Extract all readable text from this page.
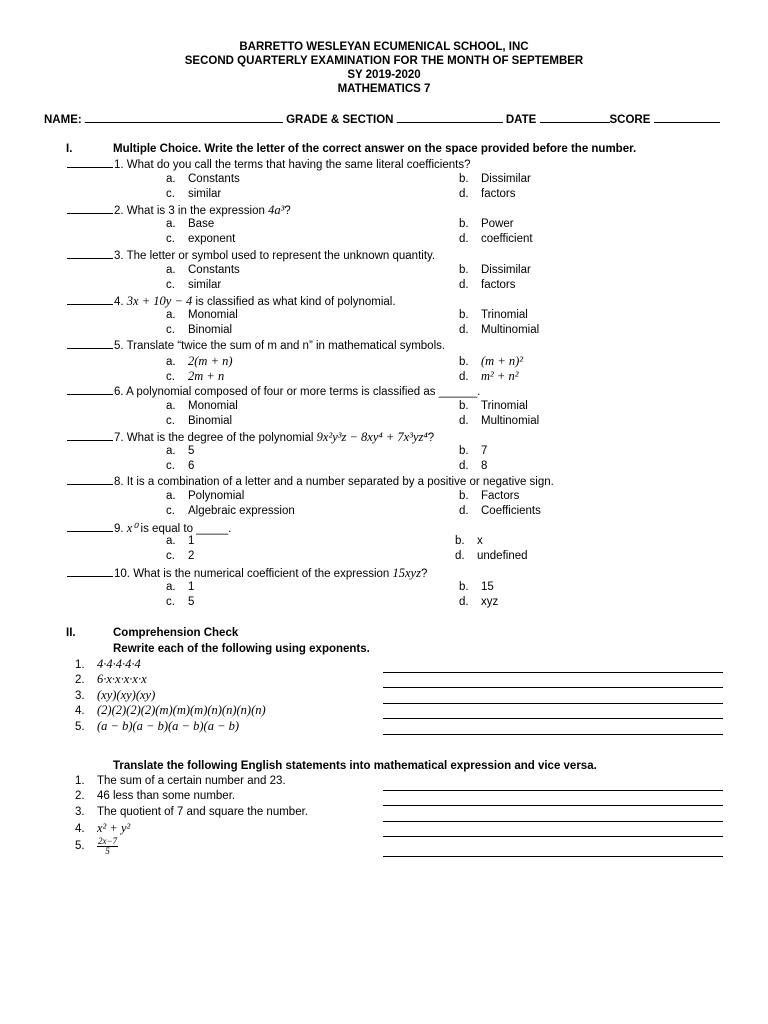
BARRETTO WESLEYAN ECUMENICAL SCHOOL, INC
SECOND QUARTERLY EXAMINATION FOR THE MONTH OF SEPTEMBER
SY 2019-2020
MATHEMATICS 7
NAME:	GRADE & SECTION	DATE	SCORE
I.	Multiple Choice. Write the letter of the correct answer on the space provided before the number.
1. What do you call the terms that having the same literal coefficients?
a. Constants	b. Dissimilar
c. similar	d. factors
2. What is 3 in the expression 4a³?
a. Base	b. Power
c. exponent	d. coefficient
3. The letter or symbol used to represent the unknown quantity.
a. Constants	b. Dissimilar
c. similar	d. factors
4. 3x + 10y − 4 is classified as what kind of polynomial.
a. Monomial	b. Trinomial
c. Binomial	d. Multinomial
5. Translate “twice the sum of m and n” in mathematical symbols.
a. 2(m + n)	b. (m + n)²
c. 2m + n	d. m² + n²
6. A polynomial composed of four or more terms is classified as ______.
a. Monomial	b. Trinomial
c. Binomial	d. Multinomial
7. What is the degree of the polynomial 9x²y³z − 8xy⁴ + 7x³yz⁴?
a. 5	b. 7
c. 6	d. 8
8. It is a combination of a letter and a number separated by a positive or negative sign.
a. Polynomial	b. Factors
c. Algebraic expression	d. Coefficients
9. x⁰ is equal to _____.
a. 1	b. x
c. 2	d. undefined
10. What is the numerical coefficient of the expression 15xyz?
a. 1	b. 15
c. 5	d. xyz
II.	Comprehension Check
Rewrite each of the following using exponents.
1. 4∙4∙4∙4∙4
2. 6∙x∙x∙x∙x∙x
3. (xy)(xy)(xy)
4. (2)(2)(2)(2)(m)(m)(m)(n)(n)(n)(n)
5. (a − b)(a − b)(a − b)(a − b)
Translate the following English statements into mathematical expression and vice versa.
1. The sum of a certain number and 23.
2. 46 less than some number.
3. The quotient of 7 and square the number.
4. x² + y²
5. $\frac{2x-7}{5}$
